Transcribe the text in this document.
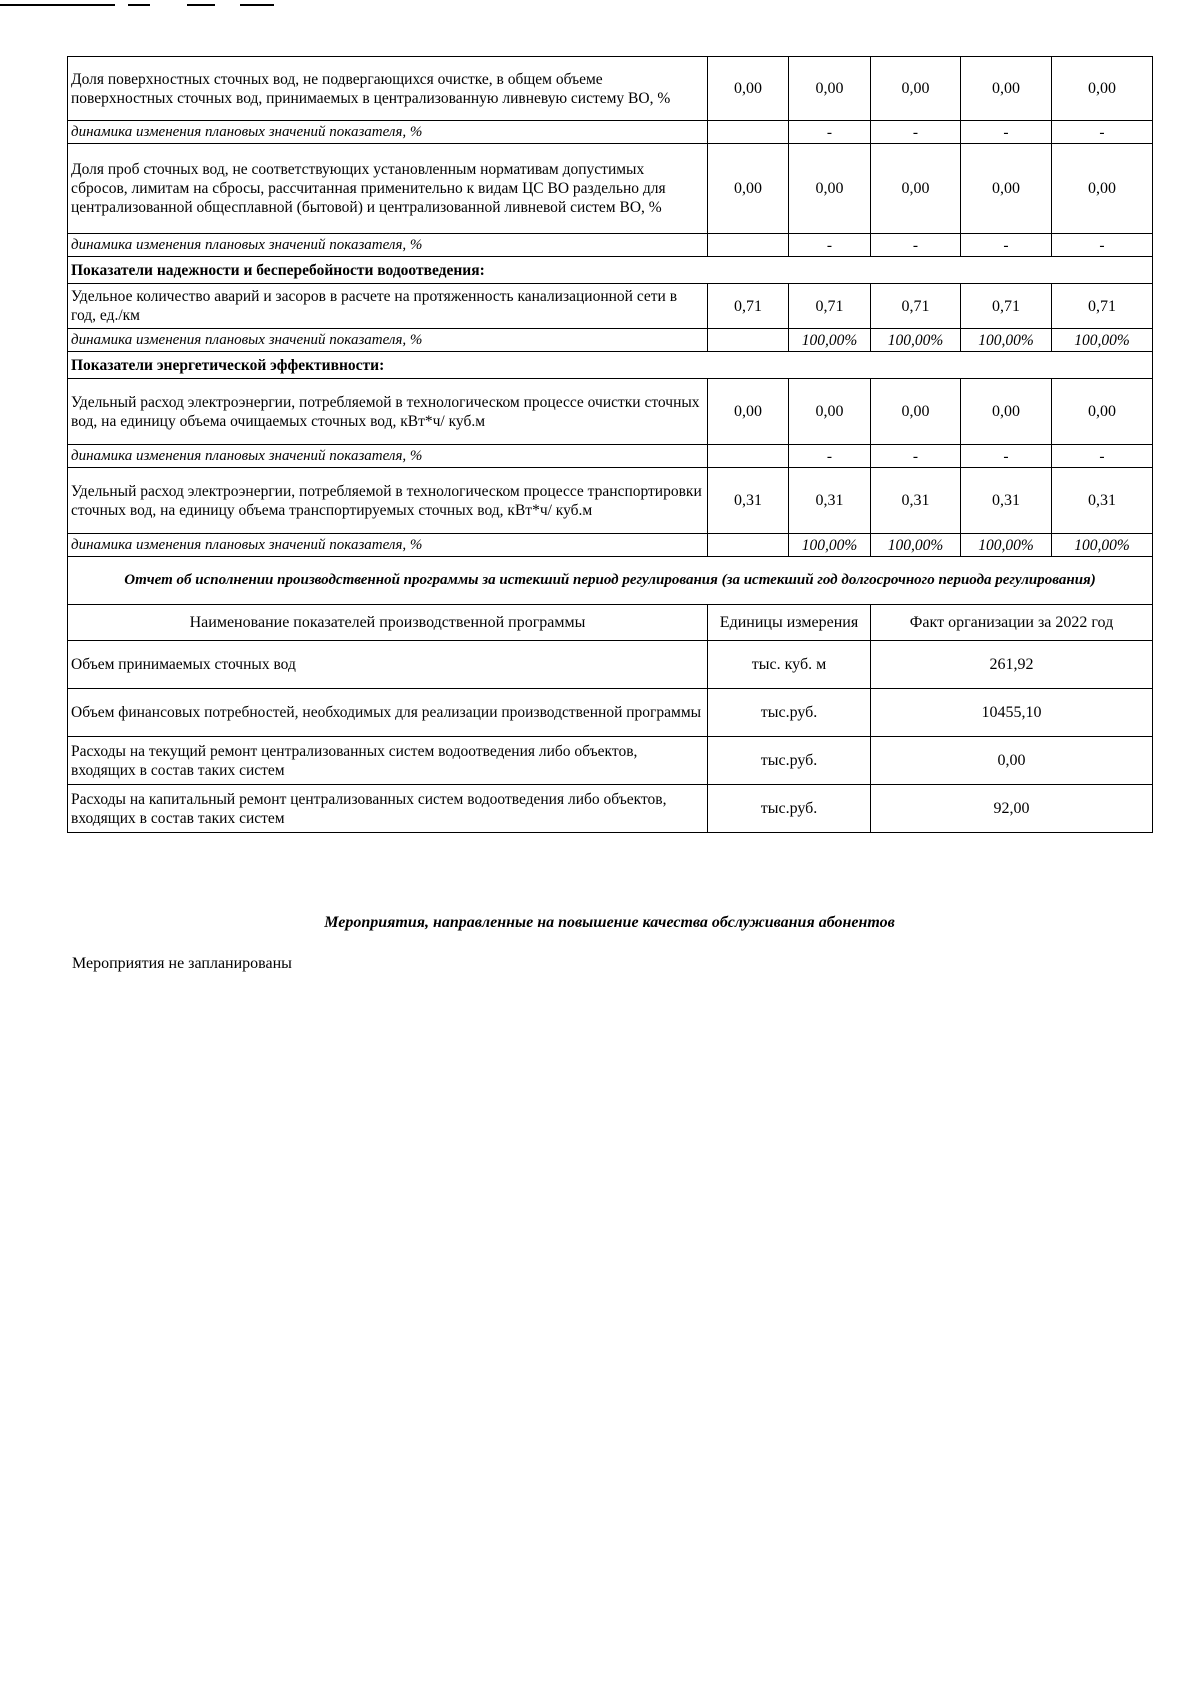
Доля поверхностных сточных вод, не подвергающихся очистке, в общем объеме поверхностных сточных вод, принимаемых в централизованную ливневую систему ВО, %	0,00	0,00	0,00	0,00	0,00
динамика изменения плановых значений показателя, %		-	-	-	-
Доля проб сточных вод, не соответствующих установленным нормативам допустимых сбросов, лимитам на сбросы, рассчитанная применительно к видам ЦС ВО раздельно для централизованной общесплавной (бытовой) и централизованной ливневой систем ВО, %	0,00	0,00	0,00	0,00	0,00
динамика изменения плановых значений показателя, %		-	-	-	-
Показатели надежности и бесперебойности водоотведения:					
Удельное количество аварий и засоров в расчете на протяженность канализационной сети в год, ед./км	0,71	0,71	0,71	0,71	0,71
динамика изменения плановых значений показателя, %		100,00%	100,00%	100,00%	100,00%
Показатели энергетической эффективности:					
Удельный расход электроэнергии, потребляемой в технологическом процессе очистки сточных вод, на единицу объема очищаемых сточных вод, кВт*ч/ куб.м	0,00	0,00	0,00	0,00	0,00
динамика изменения плановых значений показателя, %		-	-	-	-
Удельный расход электроэнергии, потребляемой в технологическом процессе транспортировки сточных вод, на единицу объема транспортируемых сточных вод, кВт*ч/ куб.м	0,31	0,31	0,31	0,31	0,31
динамика изменения плановых значений показателя, %		100,00%	100,00%	100,00%	100,00%
Отчет об исполнении производственной программы за истекший период регулирования (за истекший год долгосрочного периода регулирования)					
Наименование показателей производственной программы	Единицы измерения		Факт организации за 2022 год		
Объем принимаемых сточных вод	тыс. куб. м		261,92		
Объем финансовых потребностей, необходимых для реализации производственной программы	тыс.руб.		10455,10		
Расходы на текущий ремонт централизованных систем водоотведения либо объектов, входящих в состав таких систем	тыс.руб.		0,00		
Расходы на капитальный ремонт централизованных систем водоотведения либо объектов, входящих в состав таких систем	тыс.руб.		92,00		
Мероприятия, направленные на повышение качества обслуживания абонентов
Мероприятия не запланированы
